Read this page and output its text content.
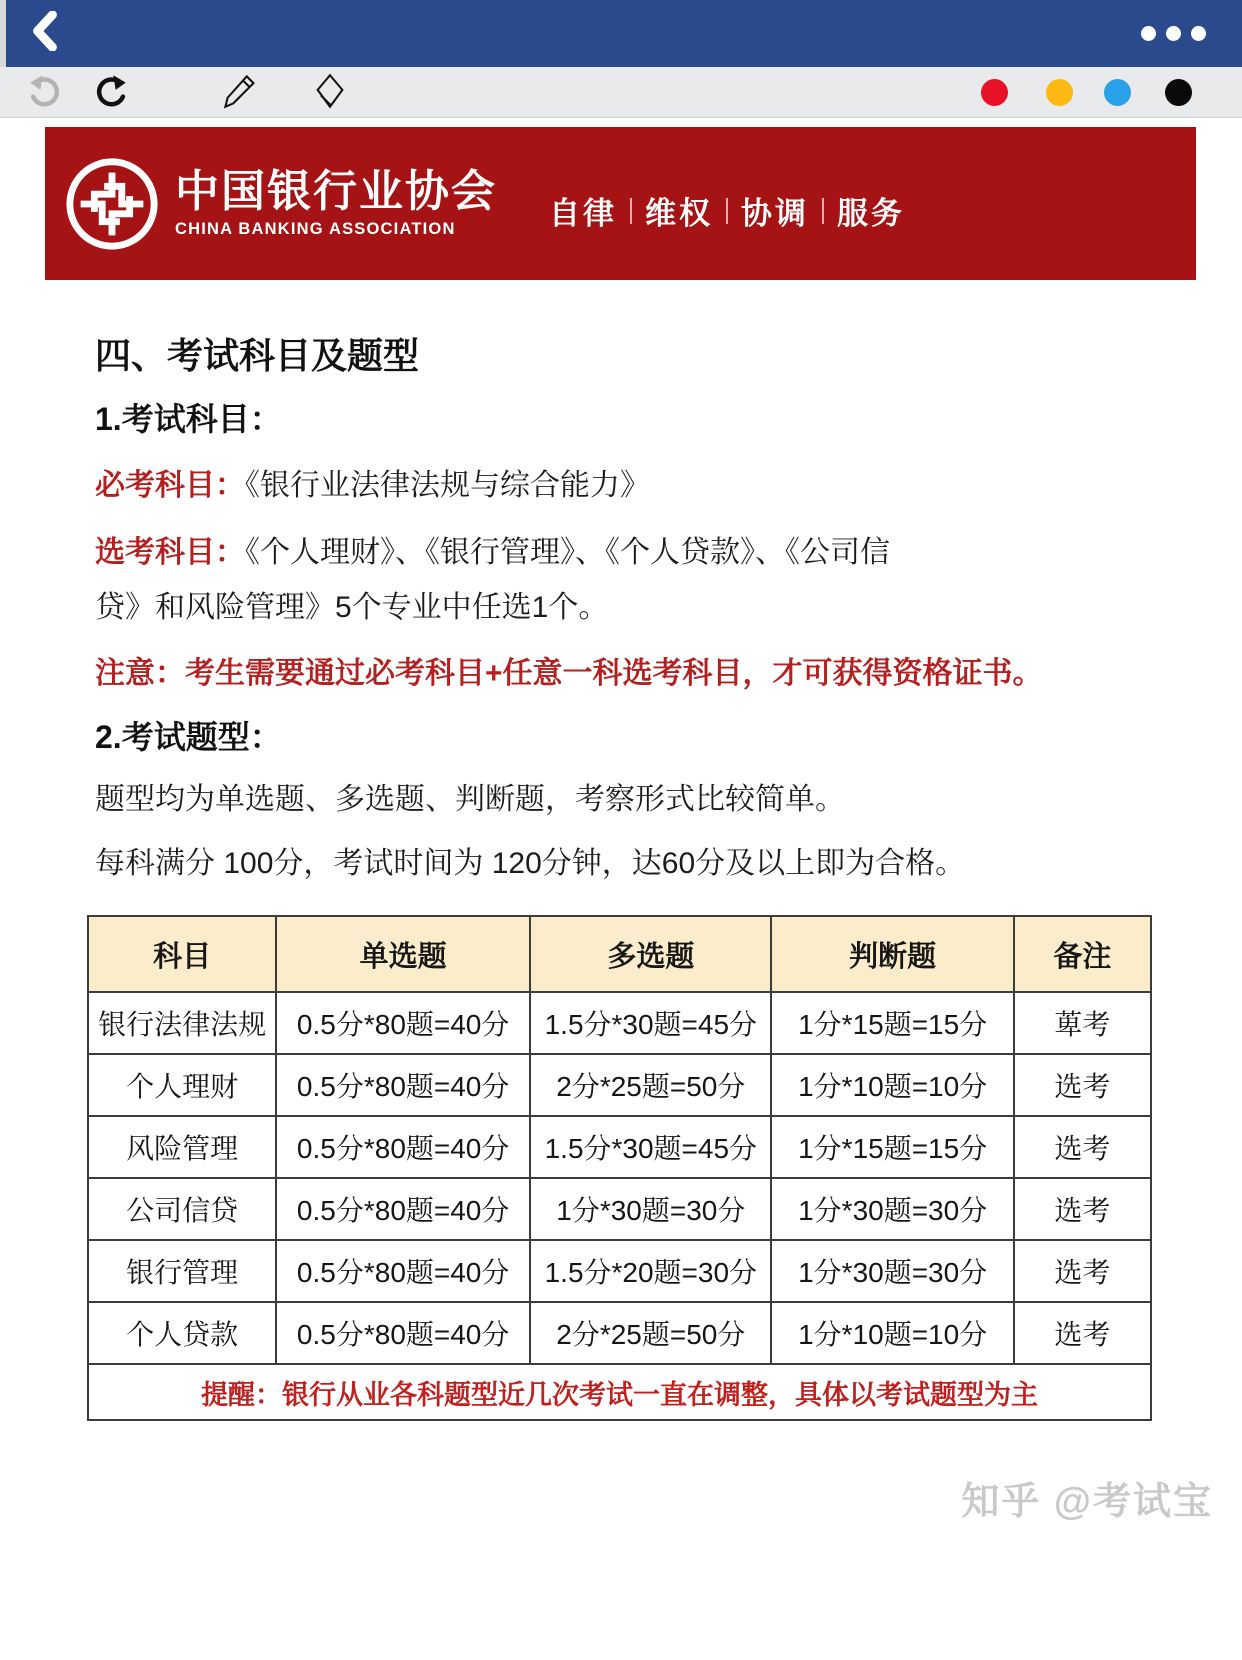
中国银行业协会
CHINA BANKING ASSOCIATION	自律 维权 协调 服务
四、考试科目及题型
1.考试科目：
必考科目：《银行业法律法规与综合能力》
选考科目：《个人理财》、《银行管理》、《个人贷款》、《公司信
贷》和风险管理》5个专业中任选1个。
注意：考生需要通过必考科目+任意一科选考科目，才可获得资格证书。
2.考试题型：
题型均为单选题、多选题、判断题，考察形式比较简单。
每科满分 100分，考试时间为 120分钟，达60分及以上即为合格。
科目	单选题	多选题	判断题	备注
银行法律法规	0.5分*80题=40分	1.5分*30题=45分	1分*15题=15分	萆考
个人理财	0.5分*80题=40分	2分*25题=50分	1分*10题=10分	选考
风险管理	0.5分*80题=40分	1.5分*30题=45分	1分*15题=15分	选考
公司信贷	0.5分*80题=40分	1分*30题=30分	1分*30题=30分	选考
银行管理	0.5分*80题=40分	1.5分*20题=30分	1分*30题=30分	选考
个人贷款	0.5分*80题=40分	2分*25题=50分	1分*10题=10分	选考
提醒：银行从业各科题型近几次考试一直在调整，具体以考试题型为主				
知乎 @考试宝
